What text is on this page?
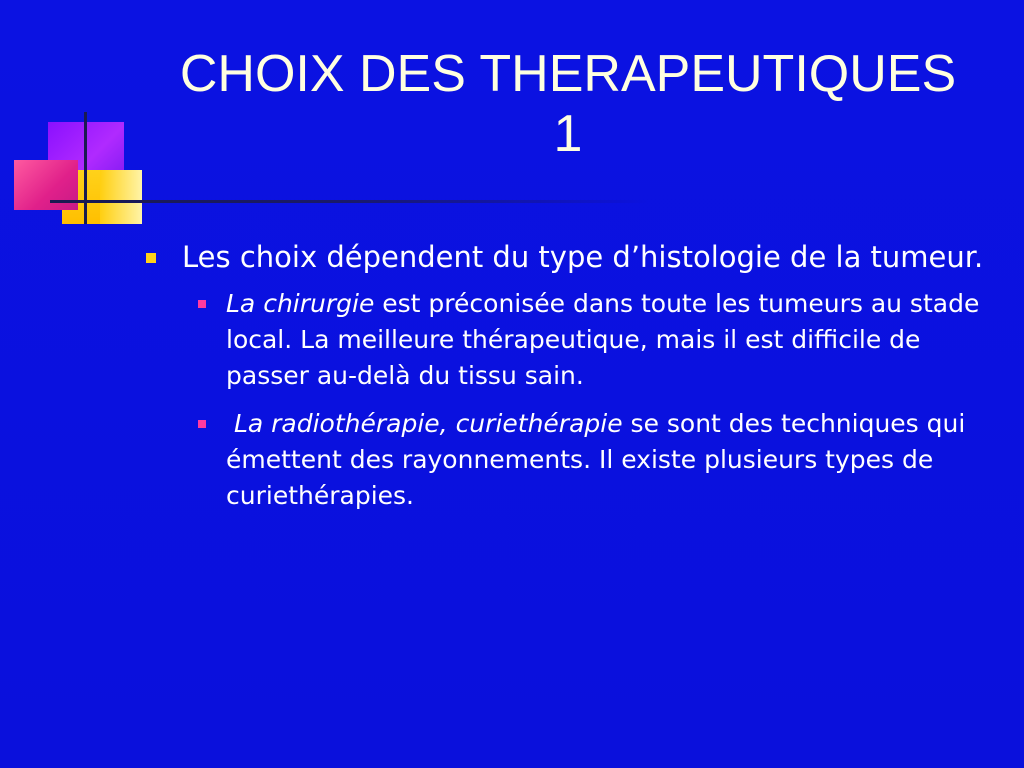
CHOIX DES THERAPEUTIQUES
1
Les choix dépendent du type d’histologie de la tumeur.
La chirurgie est préconisée dans toute les tumeurs au stade local. La meilleure thérapeutique, mais il est difficile de passer au-delà du tissu sain.
La radiothérapie, curiethérapie se sont des techniques qui émettent des rayonnements. Il existe plusieurs types de curiethérapies.
